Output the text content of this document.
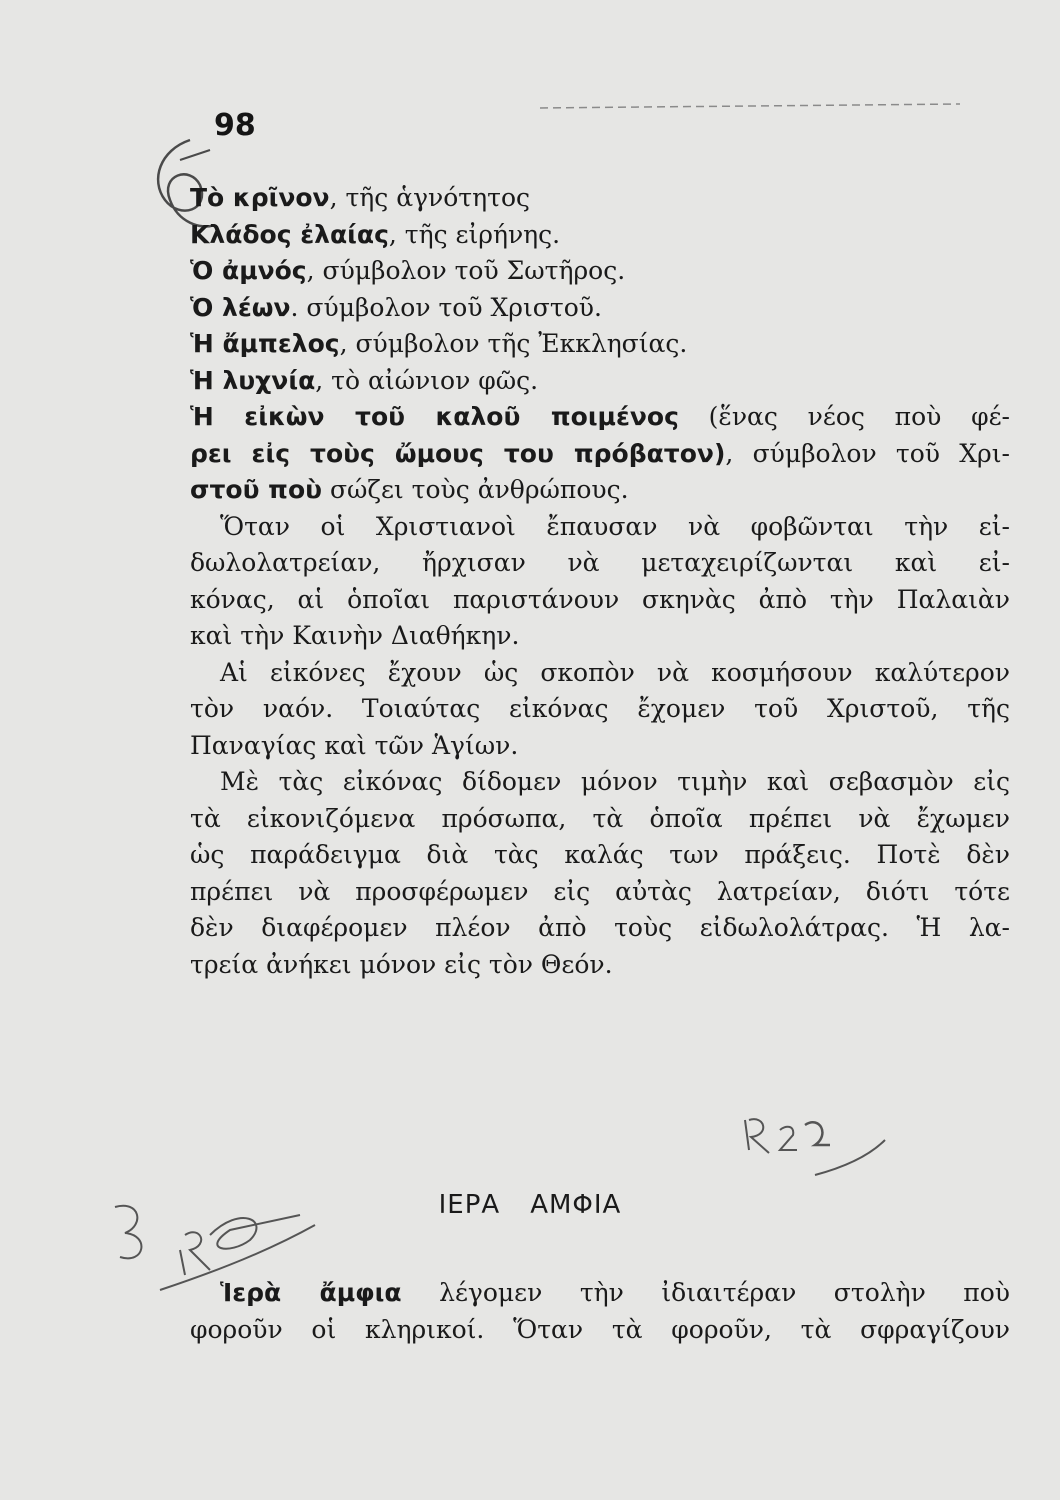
98
Τὸ κρῖνον, τῆς ἁγνότητος
Κλάδος ἐλαίας, τῆς εἰρήνης.
Ὁ ἀμνός, σύμβολον τοῦ Σωτῆρος.
Ὁ λέων. σύμβολον τοῦ Χριστοῦ.
Ἡ ἄμπελος, σύμβολον τῆς Ἐκκλησίας.
Ἡ λυχνία, τὸ αἰώνιον φῶς.
Ἡ εἰκὼν τοῦ καλοῦ ποιμένος (ἕνας νέος ποὺ φέ-
ρει εἰς τοὺς ὤμους του πρόβατον), σύμβολον τοῦ Χρι-
στοῦ ποὺ σώζει τοὺς ἀνθρώπους.
Ὅταν οἱ Χριστιανοὶ ἔπαυσαν νὰ φοβῶνται τὴν εἰ-
δωλολατρείαν, ἤρχισαν νὰ μεταχειρίζωνται καὶ εἰ-
κόνας, αἱ ὁποῖαι παριστάνουν σκηνὰς ἀπὸ τὴν Παλαιὰν
καὶ τὴν Καινὴν Διαθήκην.
Αἱ εἰκόνες ἔχουν ὡς σκοπὸν νὰ κοσμήσουν καλύτερον
τὸν ναόν. Τοιαύτας εἰκόνας ἔχομεν τοῦ Χριστοῦ, τῆς
Παναγίας καὶ τῶν Ἁγίων.
Μὲ τὰς εἰκόνας δίδομεν μόνον τιμὴν καὶ σεβασμὸν εἰς
τὰ εἰκονιζόμενα πρόσωπα, τὰ ὁποῖα πρέπει νὰ ἔχωμεν
ὡς παράδειγμα διὰ τὰς καλάς των πράξεις. Ποτὲ δὲν
πρέπει νὰ προσφέρωμεν εἰς αὐτὰς λατρείαν, διότι τότε
δὲν διαφέρομεν πλέον ἀπὸ τοὺς εἰδωλολάτρας. Ἡ λα-
τρεία ἀνήκει μόνον εἰς τὸν Θεόν.
ΙΕΡΑ ΑΜΦΙΑ
Ἱερὰ ἄμφια λέγομεν τὴν ἰδιαιτέραν στολὴν ποὺ
φοροῦν οἱ κληρικοί. Ὅταν τὰ φοροῦν, τὰ σφραγίζουν
